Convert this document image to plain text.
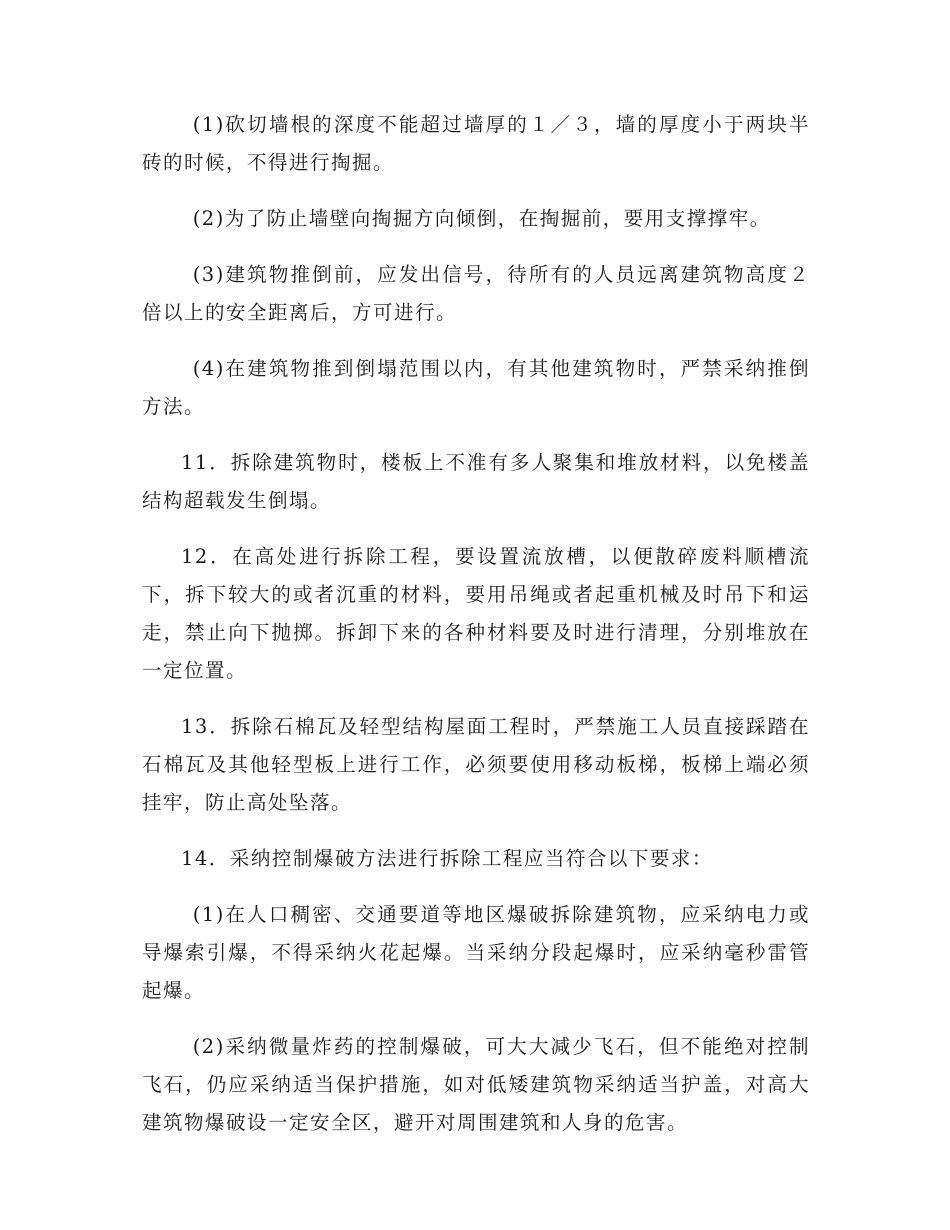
(1)砍切墙根的深度不能超过墙厚的１／３，墙的厚度小于两块半砖的时候，不得进行掏掘。

(2)为了防止墙壁向掏掘方向倾倒，在掏掘前，要用支撑撑牢。

(3)建筑物推倒前，应发出信号，待所有的人员远离建筑物高度２倍以上的安全距离后，方可进行。

(4)在建筑物推到倒塌范围以内，有其他建筑物时，严禁采纳推倒方法。

11．拆除建筑物时，楼板上不准有多人聚集和堆放材料，以免楼盖结构超载发生倒塌。

12．在高处进行拆除工程，要设置流放槽，以便散碎废料顺槽流下，拆下较大的或者沉重的材料，要用吊绳或者起重机械及时吊下和运走，禁止向下抛掷。拆卸下来的各种材料要及时进行清理，分别堆放在一定位置。

13．拆除石棉瓦及轻型结构屋面工程时，严禁施工人员直接踩踏在石棉瓦及其他轻型板上进行工作，必须要使用移动板梯，板梯上端必须挂牢，防止高处坠落。

14．采纳控制爆破方法进行拆除工程应当符合以下要求：

(1)在人口稠密、交通要道等地区爆破拆除建筑物，应采纳电力或导爆索引爆，不得采纳火花起爆。当采纳分段起爆时，应采纳毫秒雷管起爆。

(2)采纳微量炸药的控制爆破，可大大减少飞石，但不能绝对控制飞石，仍应采纳适当保护措施，如对低矮建筑物采纳适当护盖，对高大建筑物爆破设一定安全区，避开对周围建筑和人身的危害。
